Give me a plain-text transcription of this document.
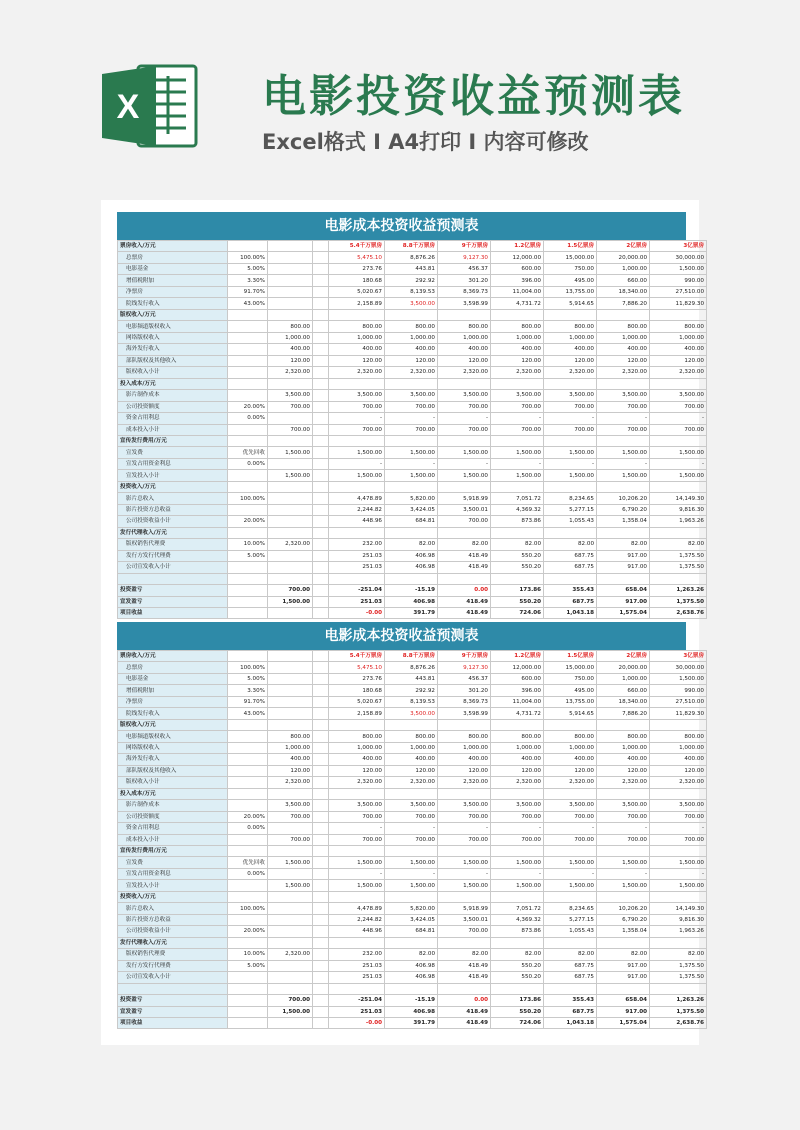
X	电影投资收益预测表
Excel格式 I A4打印 I 内容可修改
电影成本投资收益预测表
票房收入/万元				5.4千万票房	8.8千万票房	9千万票房	1.2亿票房	1.5亿票房	2亿票房	3亿票房
总票房	100.00%			5,475.10	8,876.26	9,127.30	12,000.00	15,000.00	20,000.00	30,000.00
电影基金	5.00%			273.76	443.81	456.37	600.00	750.00	1,000.00	1,500.00
增值税附加	3.30%			180.68	292.92	301.20	396.00	495.00	660.00	990.00
净票房	91.70%			5,020.67	8,139.53	8,369.73	11,004.00	13,755.00	18,340.00	27,510.00
院线发行收入	43.00%			2,158.89	3,500.00	3,598.99	4,731.72	5,914.65	7,886.20	11,829.30
版权收入/万元										
电影频道版权收入		800.00		800.00	800.00	800.00	800.00	800.00	800.00	800.00
网络版权收入		1,000.00		1,000.00	1,000.00	1,000.00	1,000.00	1,000.00	1,000.00	1,000.00
海外发行收入		400.00		400.00	400.00	400.00	400.00	400.00	400.00	400.00
部队版权及其他收入		120.00		120.00	120.00	120.00	120.00	120.00	120.00	120.00
版权收入小计		2,320.00		2,320.00	2,320.00	2,320.00	2,320.00	2,320.00	2,320.00	2,320.00
投入成本/万元										
影片制作成本		3,500.00		3,500.00	3,500.00	3,500.00	3,500.00	3,500.00	3,500.00	3,500.00
公司投资额度	20.00%	700.00		700.00	700.00	700.00	700.00	700.00	700.00	700.00
资金占用利息	0.00%			-	-	-	-	-	-	-
成本投入小计		700.00		700.00	700.00	700.00	700.00	700.00	700.00	700.00
宣传发行费用/万元										
宣发费	优先回收	1,500.00		1,500.00	1,500.00	1,500.00	1,500.00	1,500.00	1,500.00	1,500.00
宣发占用资金利息	0.00%			-	-	-	-	-	-	-
宣发投入小计		1,500.00		1,500.00	1,500.00	1,500.00	1,500.00	1,500.00	1,500.00	1,500.00
投资收入/万元										
影片总收入	100.00%			4,478.89	5,820.00	5,918.99	7,051.72	8,234.65	10,206.20	14,149.30
影片投资方总收益				2,244.82	3,424.05	3,500.01	4,369.32	5,277.15	6,790.20	9,816.30
公司投资收益小计	20.00%			448.96	684.81	700.00	873.86	1,055.43	1,358.04	1,963.26
发行代理收入/万元										
版权销售代理费	10.00%	2,320.00		232.00	82.00	82.00	82.00	82.00	82.00	82.00
发行方发行代理费	5.00%			251.03	406.98	418.49	550.20	687.75	917.00	1,375.50
公司宣发收入小计				251.03	406.98	418.49	550.20	687.75	917.00	1,375.50

投资盈亏		700.00		-251.04	-15.19	0.00	173.86	355.43	658.04	1,263.26
宣发盈亏		1,500.00		251.03	406.98	418.49	550.20	687.75	917.00	1,375.50
项目收益				-0.00	391.79	418.49	724.06	1,043.18	1,575.04	2,638.76
电影成本投资收益预测表
票房收入/万元				5.4千万票房	8.8千万票房	9千万票房	1.2亿票房	1.5亿票房	2亿票房	3亿票房
总票房	100.00%			5,475.10	8,876.26	9,127.30	12,000.00	15,000.00	20,000.00	30,000.00
电影基金	5.00%			273.76	443.81	456.37	600.00	750.00	1,000.00	1,500.00
增值税附加	3.30%			180.68	292.92	301.20	396.00	495.00	660.00	990.00
净票房	91.70%			5,020.67	8,139.53	8,369.73	11,004.00	13,755.00	18,340.00	27,510.00
院线发行收入	43.00%			2,158.89	3,500.00	3,598.99	4,731.72	5,914.65	7,886.20	11,829.30
版权收入/万元										
电影频道版权收入		800.00		800.00	800.00	800.00	800.00	800.00	800.00	800.00
网络版权收入		1,000.00		1,000.00	1,000.00	1,000.00	1,000.00	1,000.00	1,000.00	1,000.00
海外发行收入		400.00		400.00	400.00	400.00	400.00	400.00	400.00	400.00
部队版权及其他收入		120.00		120.00	120.00	120.00	120.00	120.00	120.00	120.00
版权收入小计		2,320.00		2,320.00	2,320.00	2,320.00	2,320.00	2,320.00	2,320.00	2,320.00
投入成本/万元										
影片制作成本		3,500.00		3,500.00	3,500.00	3,500.00	3,500.00	3,500.00	3,500.00	3,500.00
公司投资额度	20.00%	700.00		700.00	700.00	700.00	700.00	700.00	700.00	700.00
资金占用利息	0.00%			-	-	-	-	-	-	-
成本投入小计		700.00		700.00	700.00	700.00	700.00	700.00	700.00	700.00
宣传发行费用/万元										
宣发费	优先回收	1,500.00		1,500.00	1,500.00	1,500.00	1,500.00	1,500.00	1,500.00	1,500.00
宣发占用资金利息	0.00%			-	-	-	-	-	-	-
宣发投入小计		1,500.00		1,500.00	1,500.00	1,500.00	1,500.00	1,500.00	1,500.00	1,500.00
投资收入/万元										
影片总收入	100.00%			4,478.89	5,820.00	5,918.99	7,051.72	8,234.65	10,206.20	14,149.30
影片投资方总收益				2,244.82	3,424.05	3,500.01	4,369.32	5,277.15	6,790.20	9,816.30
公司投资收益小计	20.00%			448.96	684.81	700.00	873.86	1,055.43	1,358.04	1,963.26
发行代理收入/万元										
版权销售代理费	10.00%	2,320.00		232.00	82.00	82.00	82.00	82.00	82.00	82.00
发行方发行代理费	5.00%			251.03	406.98	418.49	550.20	687.75	917.00	1,375.50
公司宣发收入小计				251.03	406.98	418.49	550.20	687.75	917.00	1,375.50

投资盈亏		700.00		-251.04	-15.19	0.00	173.86	355.43	658.04	1,263.26
宣发盈亏		1,500.00		251.03	406.98	418.49	550.20	687.75	917.00	1,375.50
项目收益				-0.00	391.79	418.49	724.06	1,043.18	1,575.04	2,638.76
